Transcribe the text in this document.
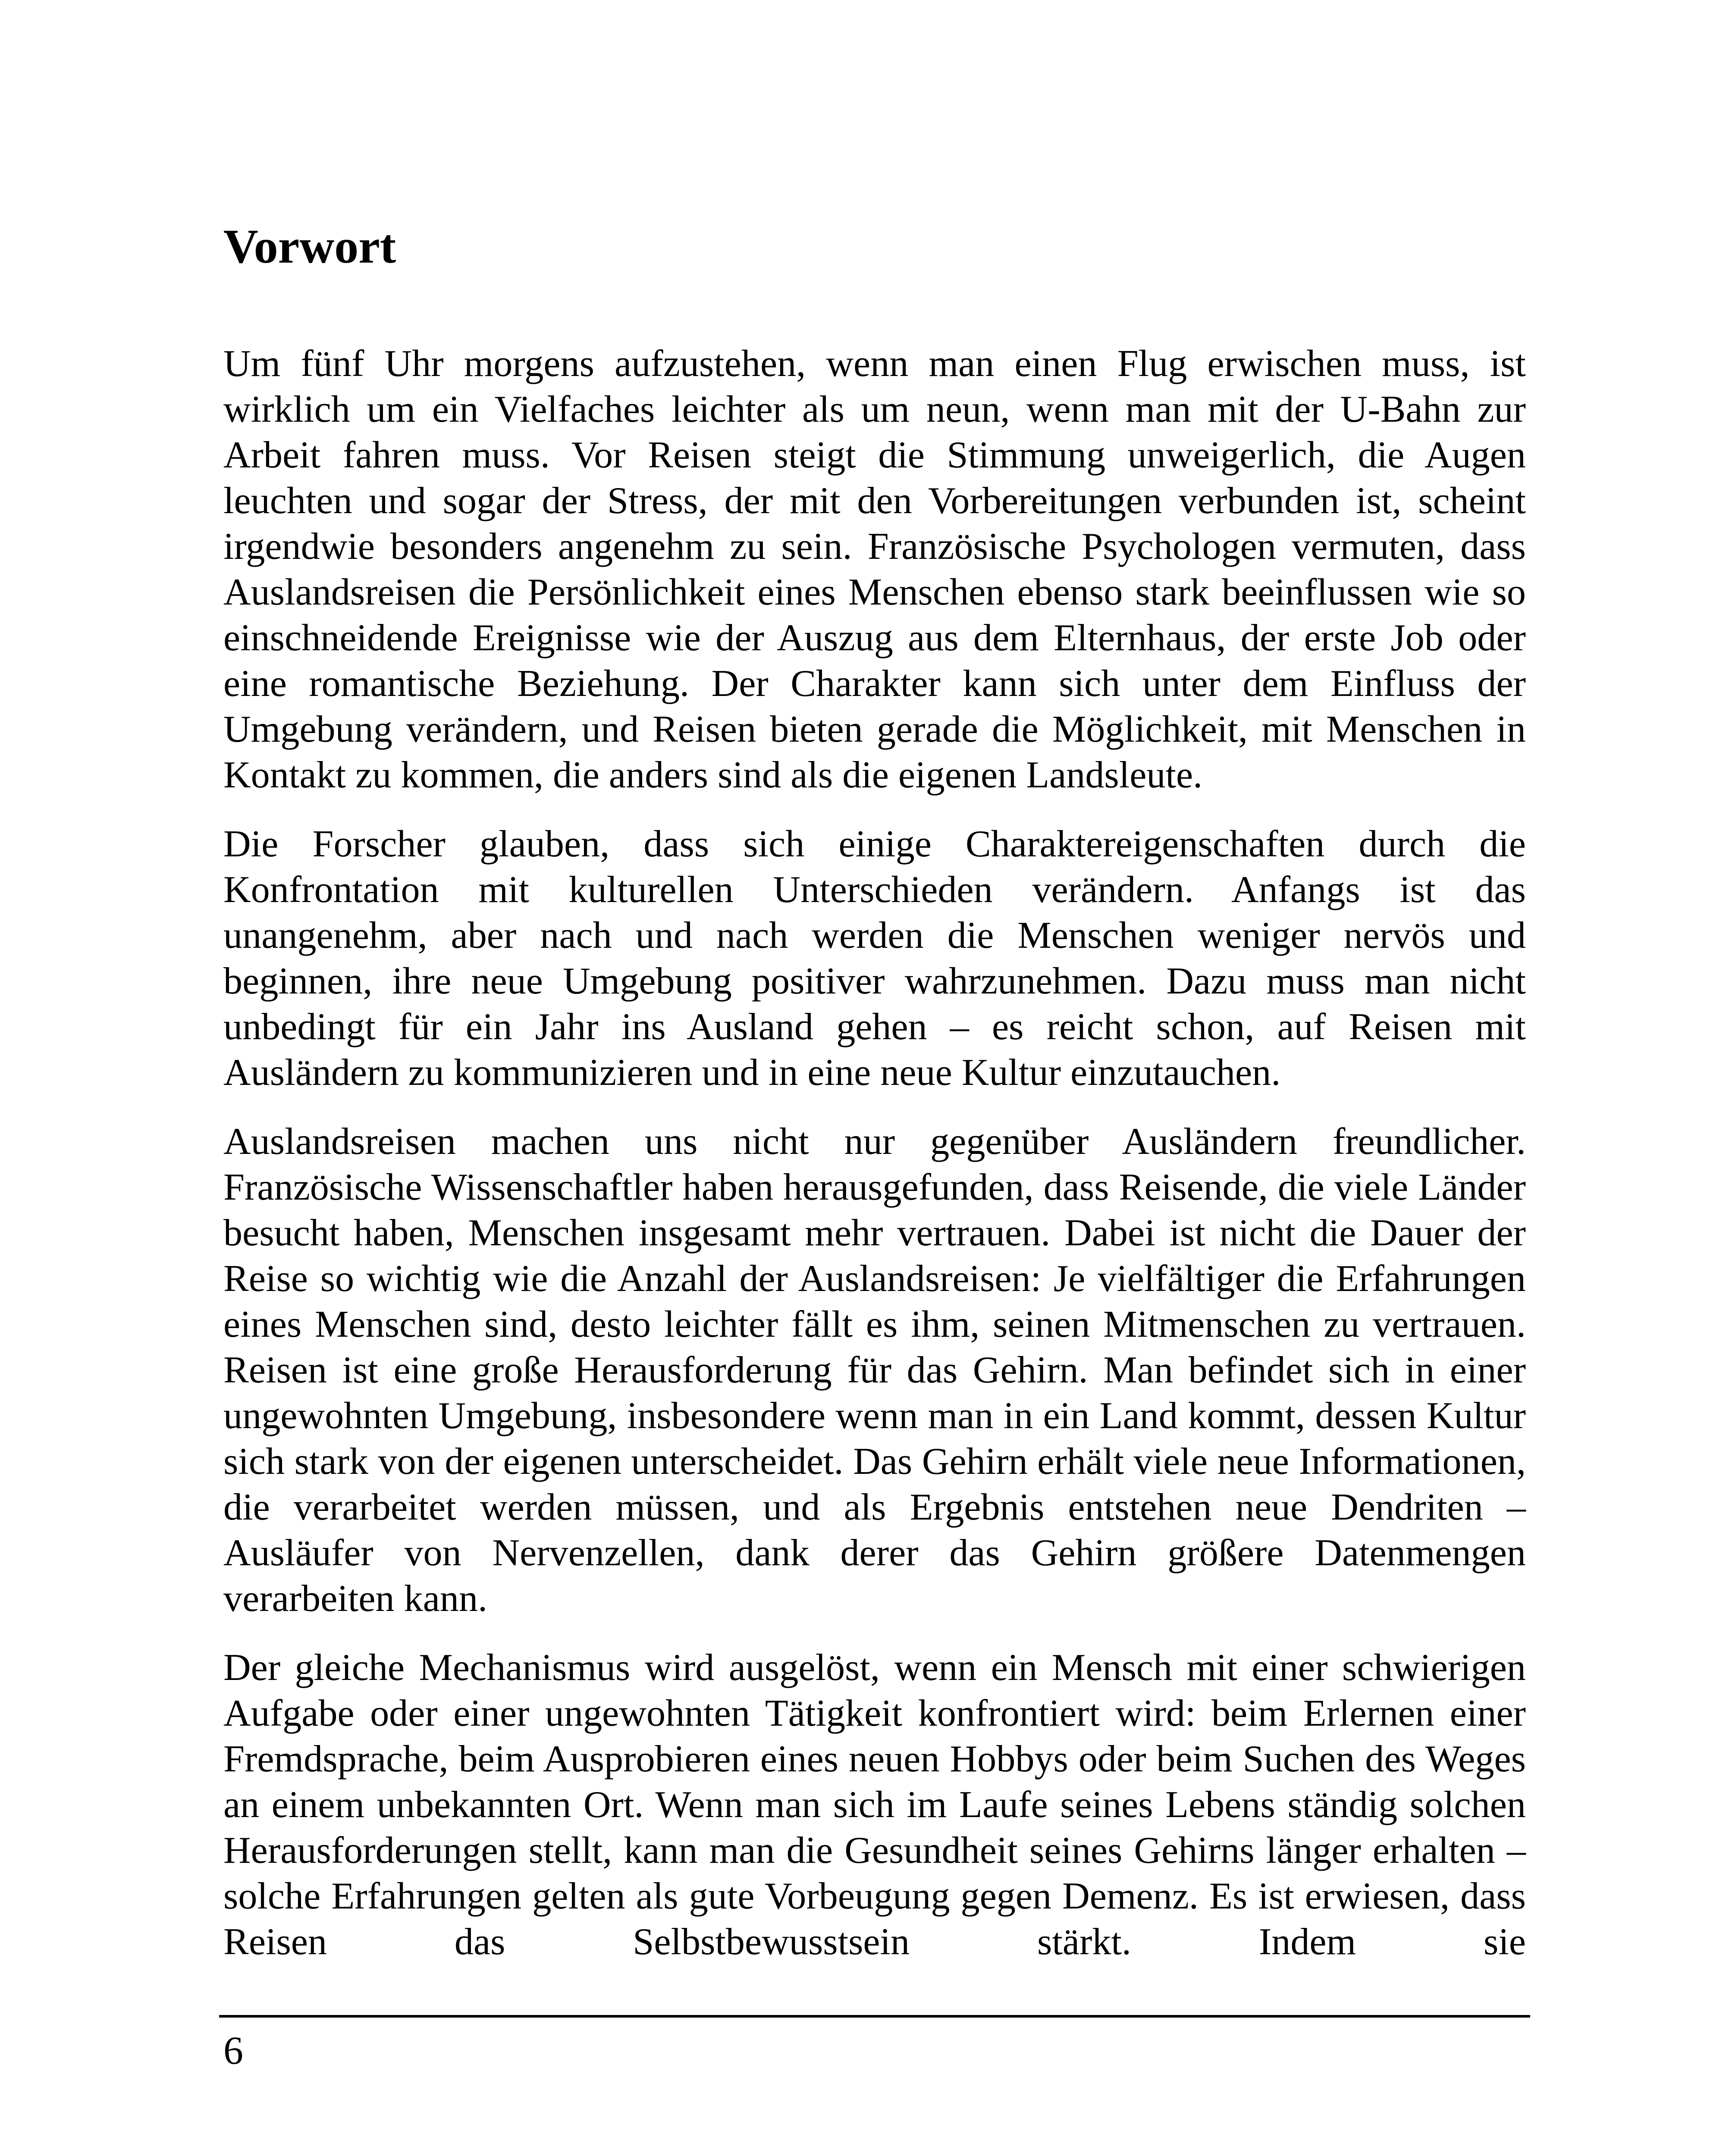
Vorwort

Um fünf Uhr morgens aufzustehen, wenn man einen Flug erwischen muss, ist wirklich um ein Vielfaches leichter als um neun, wenn man mit der U-Bahn zur Arbeit fahren muss. Vor Reisen steigt die Stimmung unweigerlich, die Augen leuchten und sogar der Stress, der mit den Vorbereitungen verbunden ist, scheint irgendwie besonders angenehm zu sein. Französische Psychologen vermuten, dass Auslandsreisen die Persönlichkeit eines Menschen ebenso stark beeinflussen wie so einschneidende Ereignisse wie der Auszug aus dem Elternhaus, der erste Job oder eine romantische Beziehung. Der Charakter kann sich unter dem Einfluss der Umgebung verändern, und Reisen bieten gerade die Möglichkeit, mit Menschen in Kontakt zu kommen, die anders sind als die eigenen Landsleute.

Die Forscher glauben, dass sich einige Charaktereigenschaften durch die Konfrontation mit kulturellen Unterschieden verändern. Anfangs ist das unangenehm, aber nach und nach werden die Menschen weniger nervös und beginnen, ihre neue Umgebung positiver wahrzunehmen. Dazu muss man nicht unbedingt für ein Jahr ins Ausland gehen – es reicht schon, auf Reisen mit Ausländern zu kommunizieren und in eine neue Kultur einzutauchen.

Auslandsreisen machen uns nicht nur gegenüber Ausländern freundlicher. Französische Wissenschaftler haben herausgefunden, dass Reisende, die viele Länder besucht haben, Menschen insgesamt mehr vertrauen. Dabei ist nicht die Dauer der Reise so wichtig wie die Anzahl der Auslandsreisen: Je vielfältiger die Erfahrungen eines Menschen sind, desto leichter fällt es ihm, seinen Mitmenschen zu vertrauen. Reisen ist eine große Herausforderung für das Gehirn. Man befindet sich in einer ungewohnten Umgebung, insbesondere wenn man in ein Land kommt, dessen Kultur sich stark von der eigenen unterscheidet. Das Gehirn erhält viele neue Informationen, die verarbeitet werden müssen, und als Ergebnis entstehen neue Dendriten – Ausläufer von Nervenzellen, dank derer das Gehirn größere Datenmengen verarbeiten kann.

Der gleiche Mechanismus wird ausgelöst, wenn ein Mensch mit einer schwierigen Aufgabe oder einer ungewohnten Tätigkeit konfrontiert wird: beim Erlernen einer Fremdsprache, beim Ausprobieren eines neuen Hobbys oder beim Suchen des Weges an einem unbekannten Ort. Wenn man sich im Laufe seines Lebens ständig solchen Herausforderungen stellt, kann man die Gesundheit seines Gehirns länger erhalten – solche Erfahrungen gelten als gute Vorbeugung gegen Demenz. Es ist erwiesen, dass Reisen das Selbstbewusstsein stärkt. Indem sie

6
